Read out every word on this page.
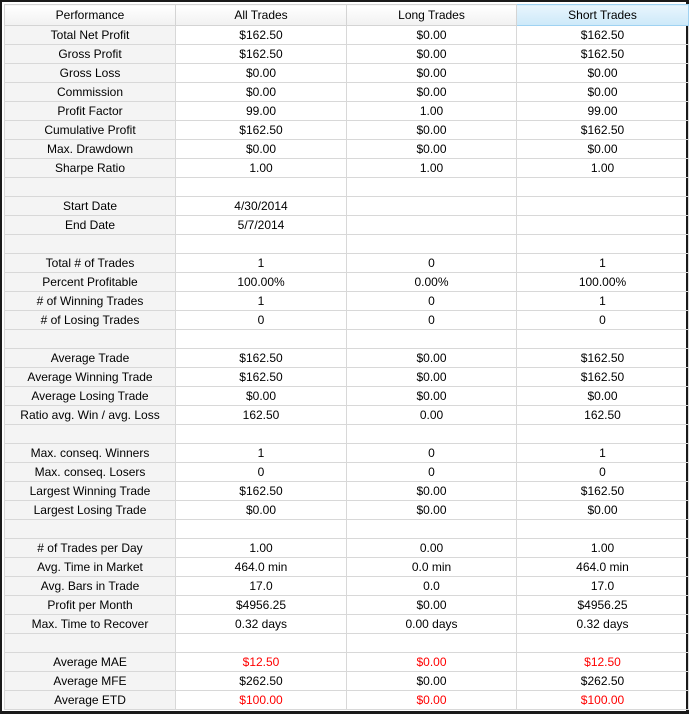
Performance	All Trades	Long Trades	Short Trades
Total Net Profit	$162.50	$0.00	$162.50
Gross Profit	$162.50	$0.00	$162.50
Gross Loss	$0.00	$0.00	$0.00
Commission	$0.00	$0.00	$0.00
Profit Factor	99.00	1.00	99.00
Cumulative Profit	$162.50	$0.00	$162.50
Max. Drawdown	$0.00	$0.00	$0.00
Sharpe Ratio	1.00	1.00	1.00

Start Date	4/30/2014		
End Date	5/7/2014		

Total # of Trades	1	0	1
Percent Profitable	100.00%	0.00%	100.00%
# of Winning Trades	1	0	1
# of Losing Trades	0	0	0

Average Trade	$162.50	$0.00	$162.50
Average Winning Trade	$162.50	$0.00	$162.50
Average Losing Trade	$0.00	$0.00	$0.00
Ratio avg. Win / avg. Loss	162.50	0.00	162.50

Max. conseq. Winners	1	0	1
Max. conseq. Losers	0	0	0
Largest Winning Trade	$162.50	$0.00	$162.50
Largest Losing Trade	$0.00	$0.00	$0.00

# of Trades per Day	1.00	0.00	1.00
Avg. Time in Market	464.0 min	0.0 min	464.0 min
Avg. Bars in Trade	17.0	0.0	17.0
Profit per Month	$4956.25	$0.00	$4956.25
Max. Time to Recover	0.32 days	0.00 days	0.32 days

Average MAE	$12.50	$0.00	$12.50
Average MFE	$262.50	$0.00	$262.50
Average ETD	$100.00	$0.00	$100.00
